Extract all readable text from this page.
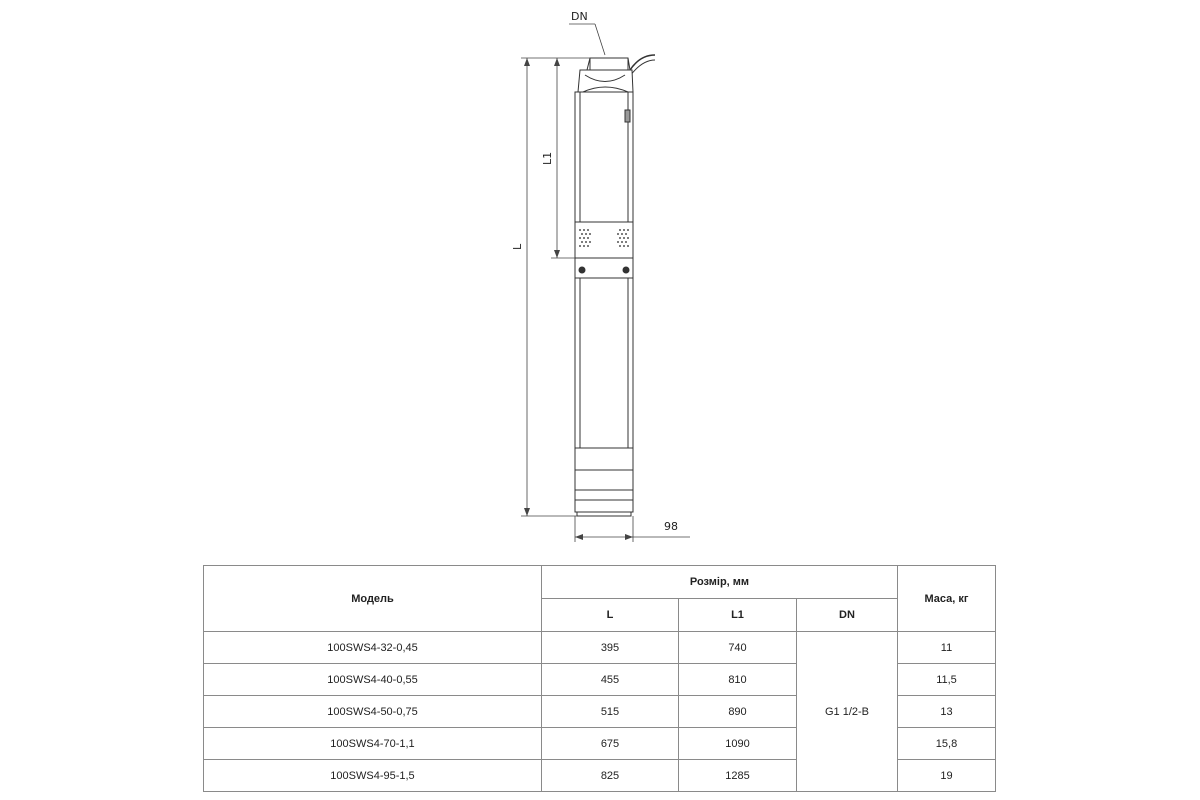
DN
L
L1
98
Модель	Розмір, мм			Маса, кг
	L	L1	DN	
100SWS4-32-0,45	395	740	G1 1/2-B	11
100SWS4-40-0,55	455	810		11,5
100SWS4-50-0,75	515	890		13
100SWS4-70-1,1	675	1090		15,8
100SWS4-95-1,5	825	1285		19
